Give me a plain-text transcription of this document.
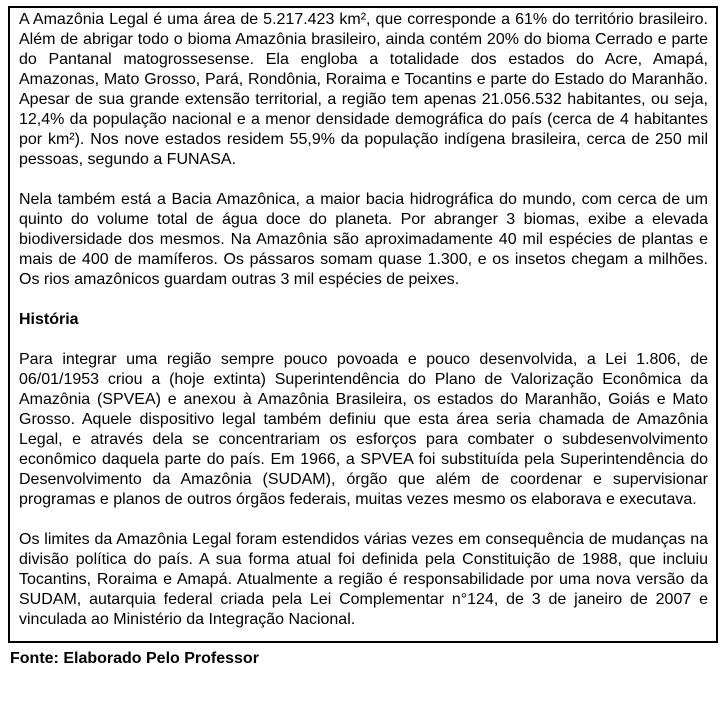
A Amazônia Legal é uma área de 5.217.423 km², que corresponde a 61% do território brasileiro. Além de abrigar todo o bioma Amazônia brasileiro, ainda contém 20% do bioma Cerrado e parte do Pantanal matogrossesense. Ela engloba a totalidade dos estados do Acre, Amapá, Amazonas, Mato Grosso, Pará, Rondônia, Roraima e Tocantins e parte do Estado do Maranhão. Apesar de sua grande extensão territorial, a região tem apenas 21.056.532 habitantes, ou seja, 12,4% da população nacional e a menor densidade demográfica do país (cerca de 4 habitantes por km²). Nos nove estados residem 55,9% da população indígena brasileira, cerca de 250 mil pessoas, segundo a FUNASA.

Nela também está a Bacia Amazônica, a maior bacia hidrográfica do mundo, com cerca de um quinto do volume total de água doce do planeta. Por abranger 3 biomas, exibe a elevada biodiversidade dos mesmos. Na Amazônia são aproximadamente 40 mil espécies de plantas e mais de 400 de mamíferos. Os pássaros somam quase 1.300, e os insetos chegam a milhões. Os rios amazônicos guardam outras 3 mil espécies de peixes.

História

Para integrar uma região sempre pouco povoada e pouco desenvolvida, a Lei 1.806, de 06/01/1953 criou a (hoje extinta) Superintendência do Plano de Valorização Econômica da Amazônia (SPVEA) e anexou à Amazônia Brasileira, os estados do Maranhão, Goiás e Mato Grosso. Aquele dispositivo legal também definiu que esta área seria chamada de Amazônia Legal, e através dela se concentrariam os esforços para combater o subdesenvolvimento econômico daquela parte do país. Em 1966, a SPVEA foi substituída pela Superintendência do Desenvolvimento da Amazônia (SUDAM), órgão que além de coordenar e supervisionar programas e planos de outros órgãos federais, muitas vezes mesmo os elaborava e executava.

Os limites da Amazônia Legal foram estendidos várias vezes em consequência de mudanças na divisão política do país. A sua forma atual foi definida pela Constituição de 1988, que incluiu Tocantins, Roraima e Amapá. Atualmente a região é responsabilidade por uma nova versão da SUDAM, autarquia federal criada pela Lei Complementar n°124, de 3 de janeiro de 2007 e vinculada ao Ministério da Integração Nacional.

Fonte: Elaborado Pelo Professor
